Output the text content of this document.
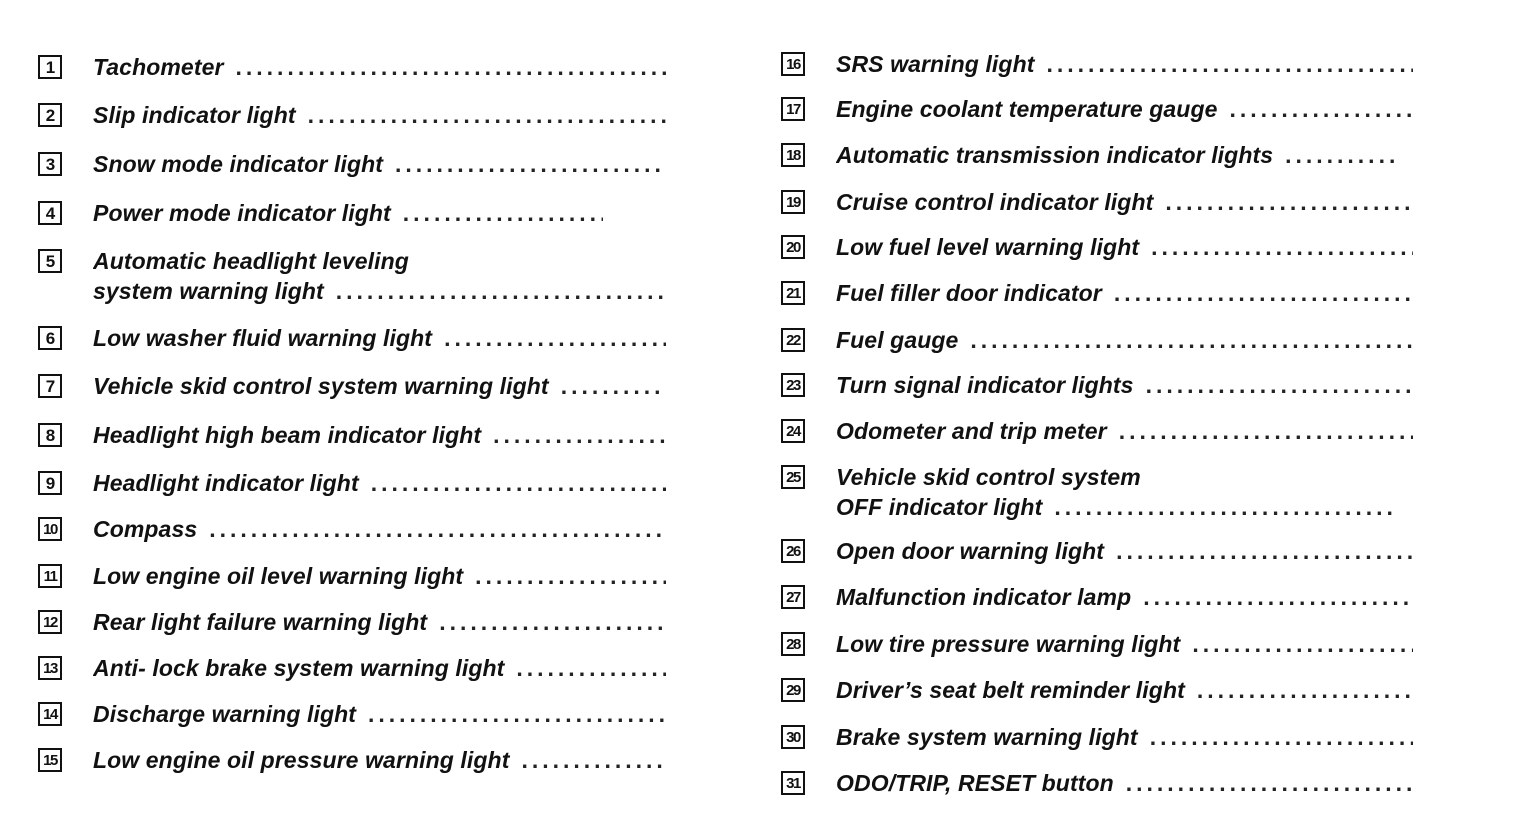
1	Tachometer
. . .
2	Slip indicator light
. . .
3	Snow mode indicator light
. . .
4	Power mode indicator light
. . .
5	Automatic headlight leveling
system warning light
. . .
6	Low washer fluid warning light
. . .
7	Vehicle skid control system warning light
. . .
8	Headlight high beam indicator light
. . .
9	Headlight indicator light
. . .
10 Compass
. . .
11 Low engine oil level warning light
. . .
12 Rear light failure warning light
. . .
13 Anti- lock brake system warning light
. . .
14 Discharge warning light
. . .
15 Low engine oil pressure warning light
. . .
16 SRS warning light
. . .
17 Engine coolant temperature gauge
. . .
18 Automatic transmission indicator lights
. . .
19 Cruise control indicator light
. . .
20 Low fuel level warning light
. . .
21 Fuel filler door indicator
. . .
22 Fuel gauge
. . .
23 Turn signal indicator lights
. . .
24 Odometer and trip meter
. . .
25 Vehicle skid control system
OFF indicator light
. . .
26 Open door warning light
. . .
27 Malfunction indicator lamp
. . .
28 Low tire pressure warning light
. . .
29 Driver’s seat belt reminder light
. . .
30 Brake system warning light
. . .
31 ODO/TRIP, RESET button
. . .
